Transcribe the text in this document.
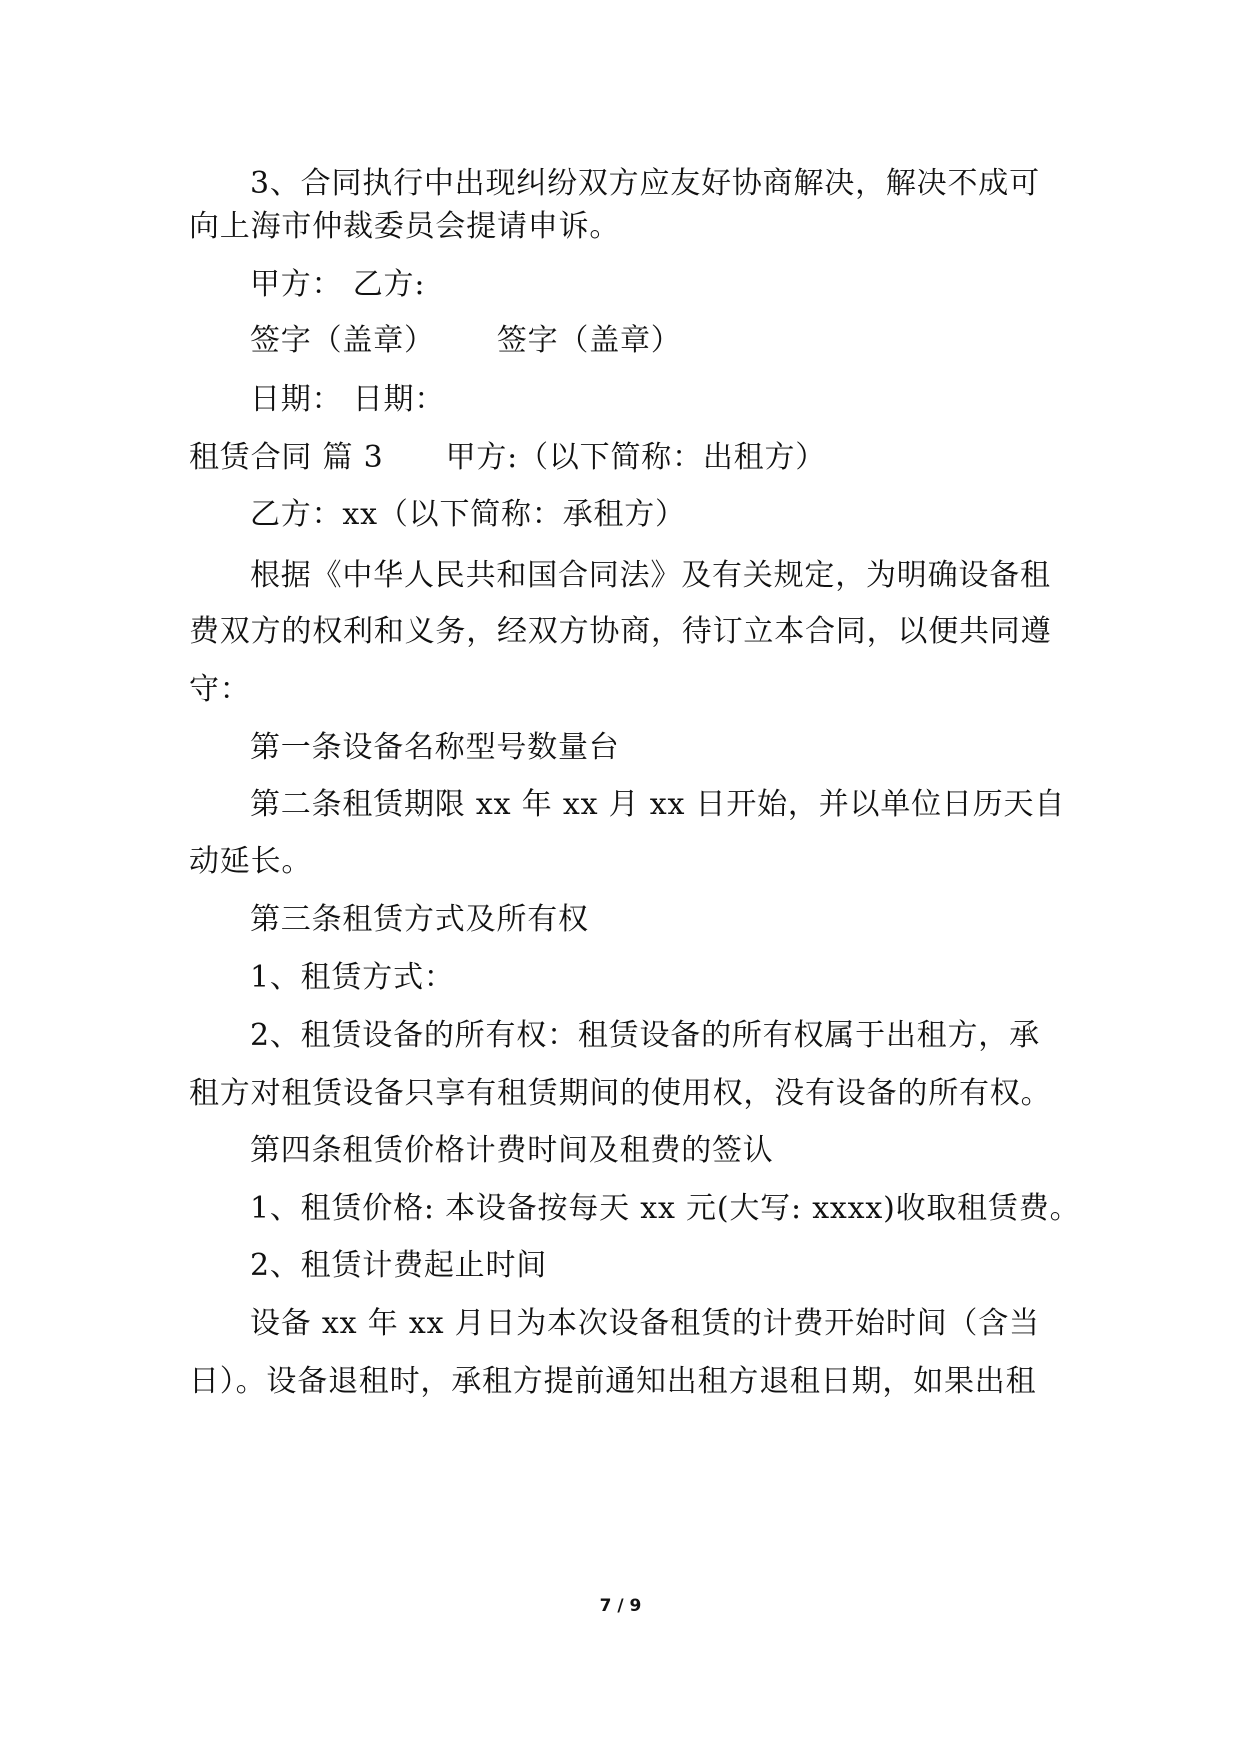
3、合同执行中出现纠纷双方应友好协商解决，解决不成可
向上海市仲裁委员会提请申诉。
甲方： 乙方:
签字（盖章） 签字（盖章）
日期： 日期：
租赁合同 篇 3 甲方:（以下简称：出租方）
乙方：xx（以下简称：承租方）
根据《中华人民共和国合同法》及有关规定，为明确设备租
费双方的权利和义务，经双方协商，待订立本合同，以便共同遵
守：
第一条设备名称型号数量台
第二条租赁期限 xx 年 xx 月 xx 日开始，并以单位日历天自
动延长。
第三条租赁方式及所有权
1、租赁方式：
2、租赁设备的所有权：租赁设备的所有权属于出租方，承
租方对租赁设备只享有租赁期间的使用权，没有设备的所有权。
第四条租赁价格计费时间及租费的签认
1、租赁价格: 本设备按每天 xx 元(大写: xxxx)收取租赁费。
2、租赁计费起止时间
设备 xx 年 xx 月日为本次设备租赁的计费开始时间（含当
日）。设备退租时，承租方提前通知出租方退租日期，如果出租
7 / 9
